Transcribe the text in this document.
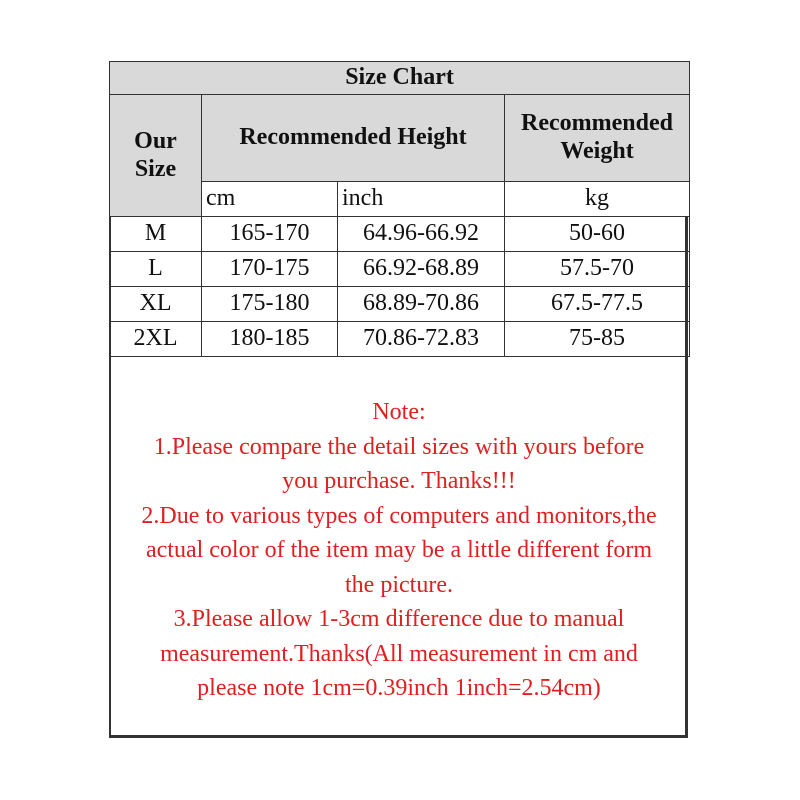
Size Chart			
Our
Size	Recommended Height		Recommended
Weight
	cm	inch	kg
M	165-170	64.96-66.92	50-60
L	170-175	66.92-68.89	57.5-70
XL	175-180	68.89-70.86	67.5-77.5
2XL	180-185	70.86-72.83	75-85
Note:
1.Please compare the detail sizes with yours before
you purchase. Thanks!!!
2.Due to various types of computers and monitors,the
actual color of the item may be a little different form
the picture.
3.Please allow 1-3cm difference due to manual
measurement.Thanks(All measurement in cm and
please note 1cm=0.39inch 1inch=2.54cm)
